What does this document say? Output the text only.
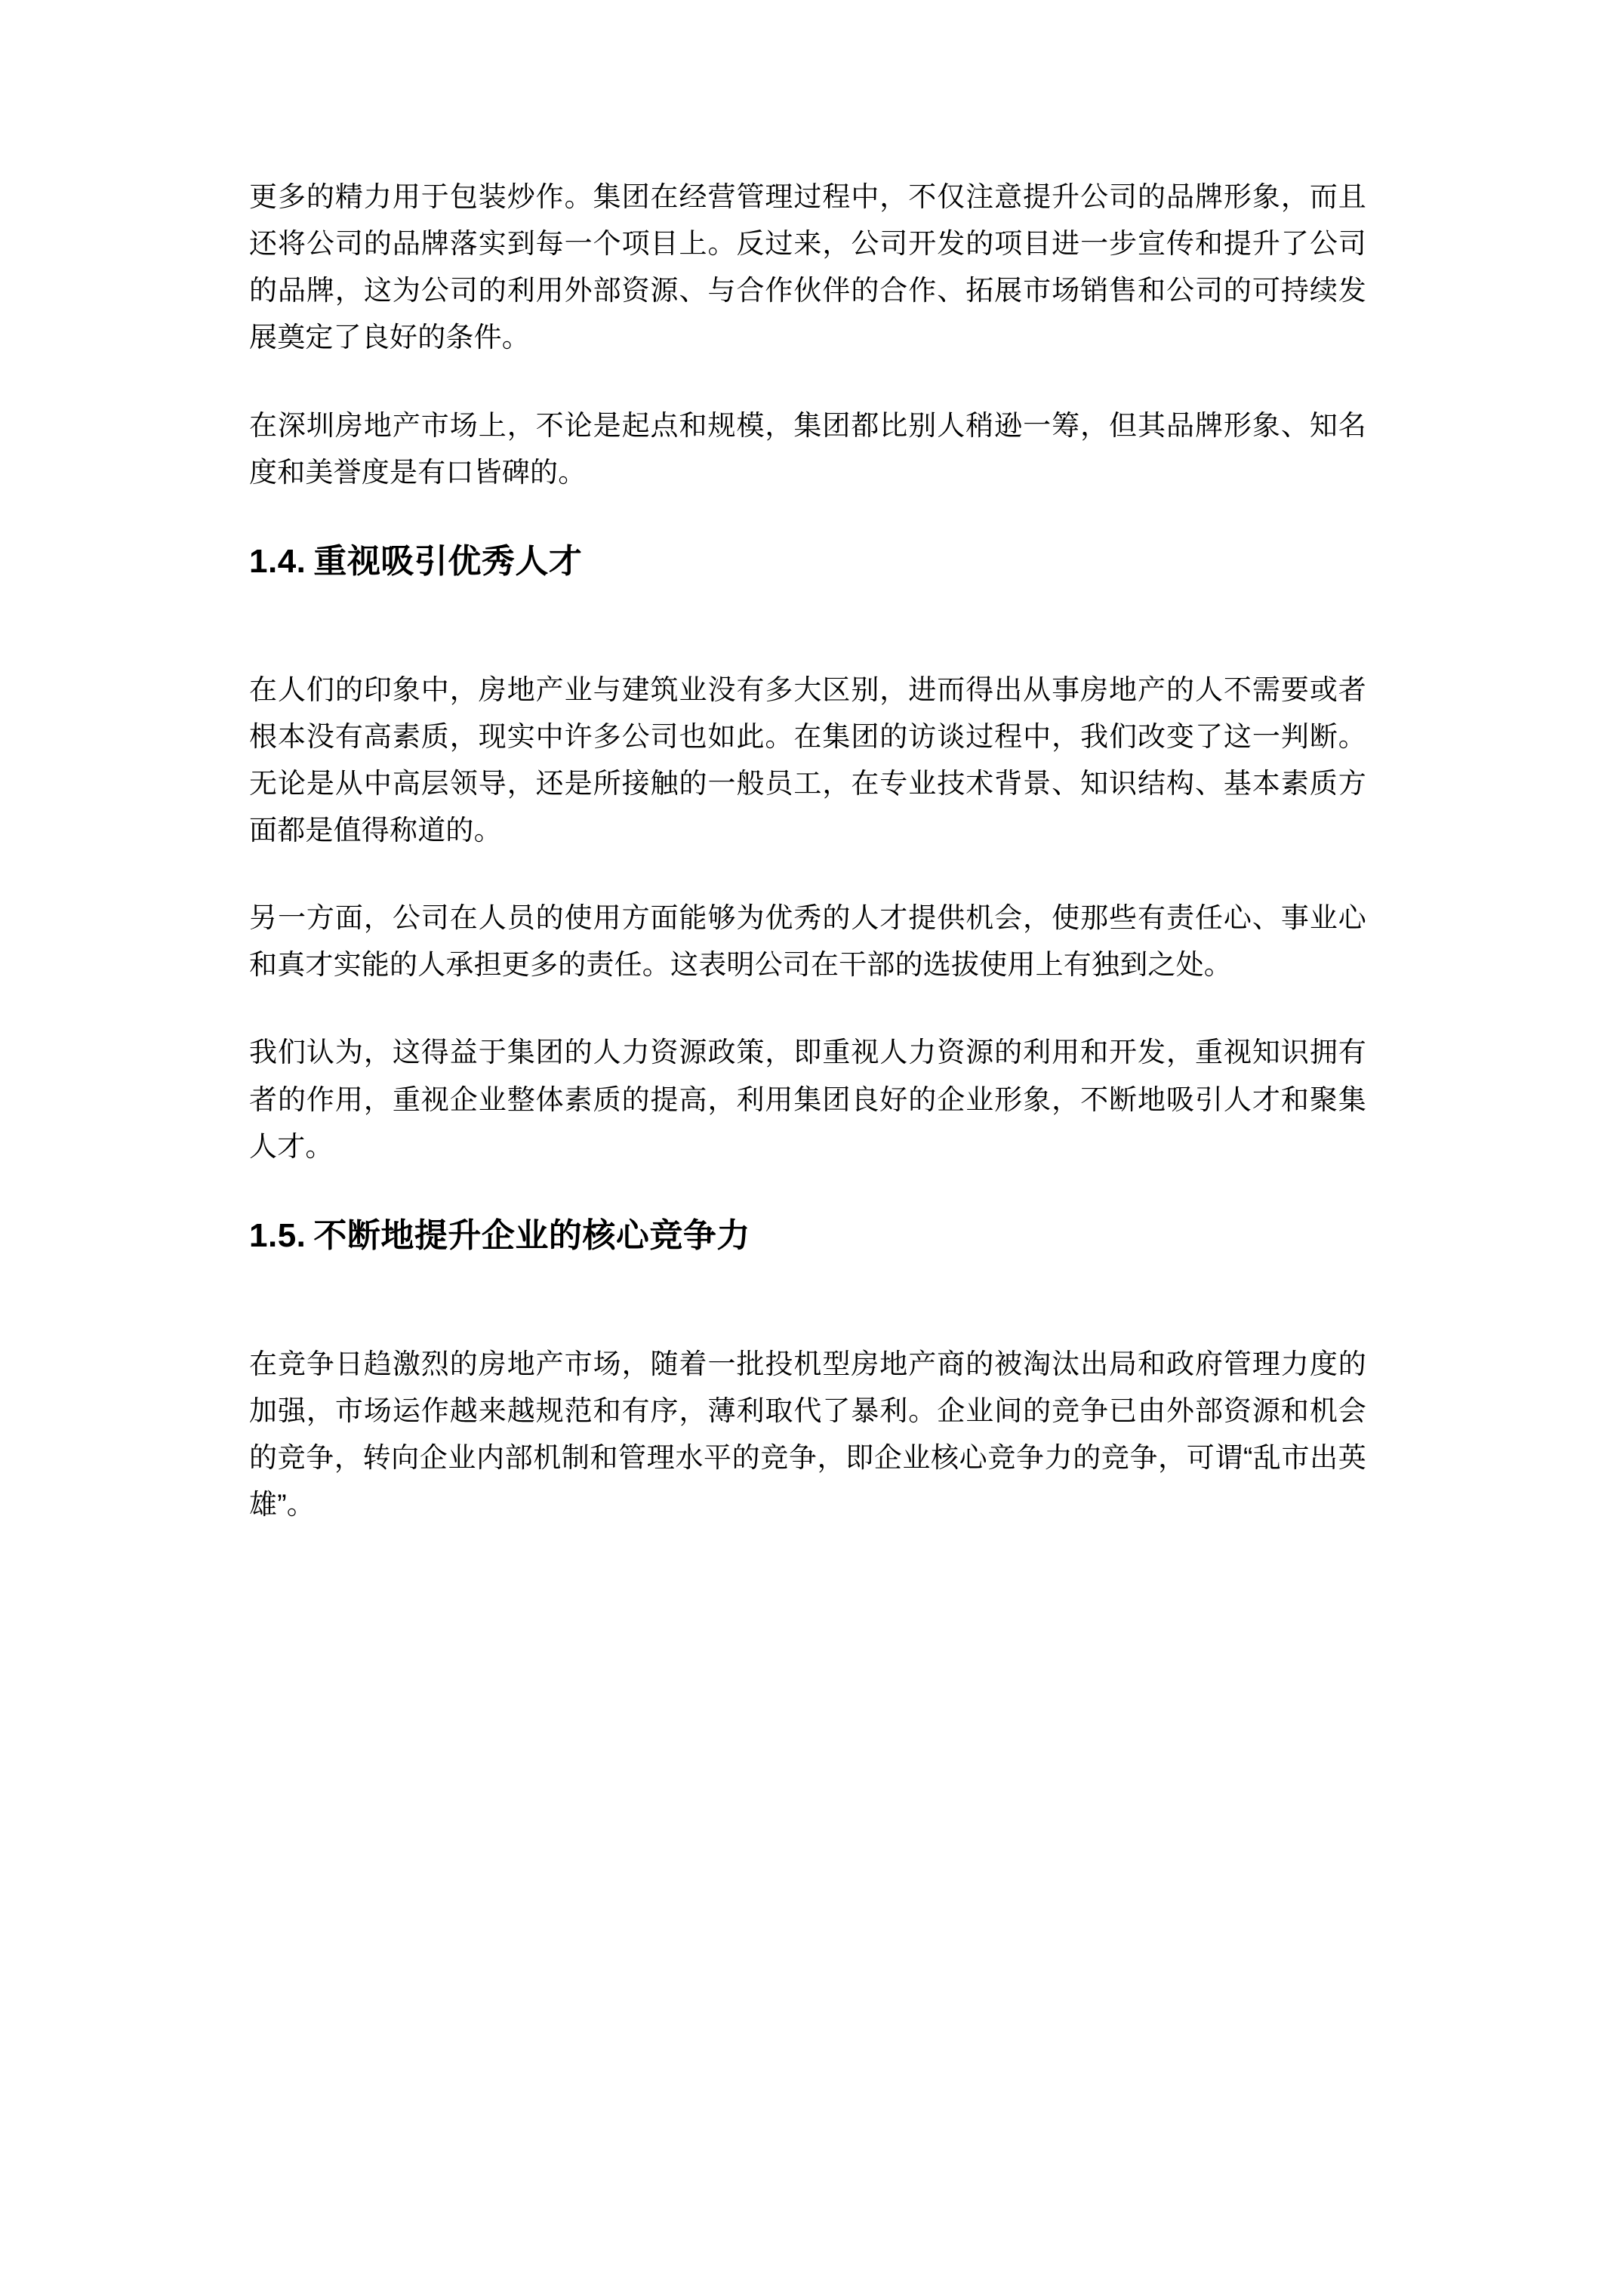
更多的精力用于包装炒作。集团在经营管理过程中，不仅注意提升公司的品牌形象，而且还将公司的品牌落实到每一个项目上。反过来，公司开发的项目进一步宣传和提升了公司的品牌，这为公司的利用外部资源、与合作伙伴的合作、拓展市场销售和公司的可持续发展奠定了良好的条件。

在深圳房地产市场上，不论是起点和规模，集团都比别人稍逊一筹，但其品牌形象、知名度和美誉度是有口皆碑的。

1.4. 重视吸引优秀人才

在人们的印象中，房地产业与建筑业没有多大区别，进而得出从事房地产的人不需要或者根本没有高素质，现实中许多公司也如此。在集团的访谈过程中，我们改变了这一判断。无论是从中高层领导，还是所接触的一般员工，在专业技术背景、知识结构、基本素质方面都是值得称道的。

另一方面，公司在人员的使用方面能够为优秀的人才提供机会，使那些有责任心、事业心和真才实能的人承担更多的责任。这表明公司在干部的选拔使用上有独到之处。

我们认为，这得益于集团的人力资源政策，即重视人力资源的利用和开发，重视知识拥有者的作用，重视企业整体素质的提高，利用集团良好的企业形象，不断地吸引人才和聚集人才。

1.5. 不断地提升企业的核心竞争力

在竞争日趋激烈的房地产市场，随着一批投机型房地产商的被淘汰出局和政府管理力度的加强，市场运作越来越规范和有序，薄利取代了暴利。企业间的竞争已由外部资源和机会的竞争，转向企业内部机制和管理水平的竞争，即企业核心竞争力的竞争，可谓“乱市出英雄”。
